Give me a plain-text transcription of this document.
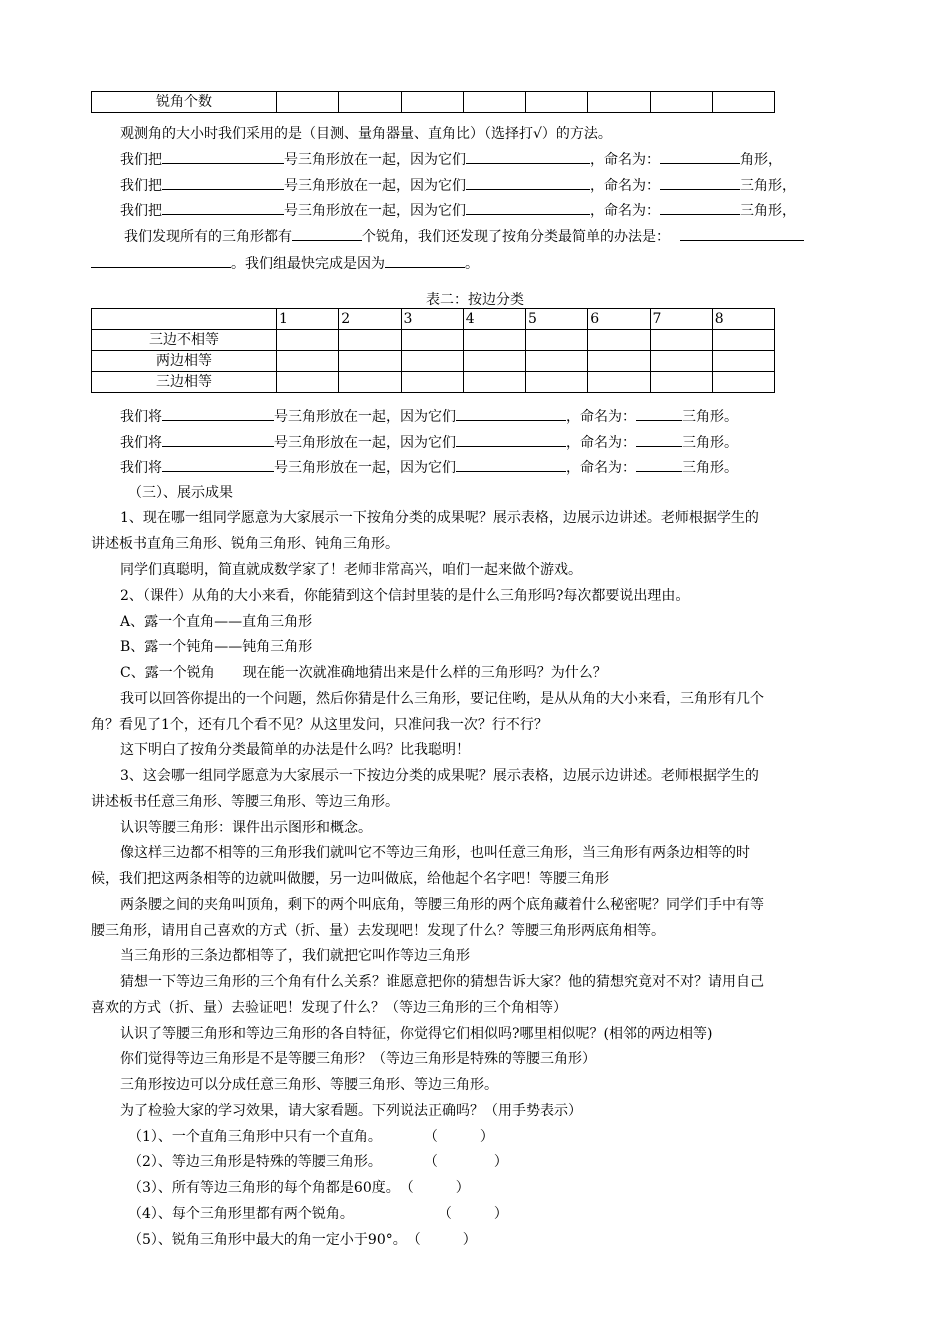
锐角个数								
观测角的大小时我们采用的是（目测、量角器量、直角比）（选择打√）的方法。
我们把	号三角形放在一起，因为它们	，命名为：	角形，
我们把	号三角形放在一起，因为它们	，命名为：	三角形，
我们把	号三角形放在一起，因为它们	，命名为：	三角形，
我们发现所有的三角形都有	个锐角，我们还发现了按角分类最简单的办法是：
。我们组最快完成是因为	。
表二：按边分类
	1	2	3	4	5	6	7	8
三边不相等								
两边相等								
三边相等								
我们将	号三角形放在一起，因为它们	，命名为：	三角形。
我们将	号三角形放在一起，因为它们	，命名为：	三角形。
我们将	号三角形放在一起，因为它们	，命名为：	三角形。
（三）、展示成果
1、现在哪一组同学愿意为大家展示一下按角分类的成果呢？展示表格，边展示边讲述。老师根据学生的
讲述板书直角三角形、锐角三角形、钝角三角形。
同学们真聪明，简直就成数学家了！老师非常高兴，咱们一起来做个游戏。
2、（课件）从角的大小来看，你能猜到这个信封里装的是什么三角形吗?每次都要说出理由。
A、露一个直角——直角三角形
B、露一个钝角——钝角三角形
C、露一个锐角　　现在能一次就准确地猜出来是什么样的三角形吗？为什么？
我可以回答你提出的一个问题，然后你猜是什么三角形，要记住哟，是从从角的大小来看，三角形有几个
角？看见了1个，还有几个看不见？从这里发问，只准问我一次？行不行？
这下明白了按角分类最简单的办法是什么吗？比我聪明！
3、这会哪一组同学愿意为大家展示一下按边分类的成果呢？展示表格，边展示边讲述。老师根据学生的
讲述板书任意三角形、等腰三角形、等边三角形。
认识等腰三角形：课件出示图形和概念。
像这样三边都不相等的三角形我们就叫它不等边三角形，也叫任意三角形，当三角形有两条边相等的时
候，我们把这两条相等的边就叫做腰，另一边叫做底，给他起个名字吧！等腰三角形
两条腰之间的夹角叫顶角，剩下的两个叫底角，等腰三角形的两个底角藏着什么秘密呢？同学们手中有等
腰三角形，请用自己喜欢的方式（折、量）去发现吧！发现了什么？等腰三角形两底角相等。
当三角形的三条边都相等了，我们就把它叫作等边三角形
猜想一下等边三角形的三个角有什么关系？谁愿意把你的猜想告诉大家？他的猜想究竟对不对？请用自己
喜欢的方式（折、量）去验证吧！发现了什么？（等边三角形的三个角相等）
认识了等腰三角形和等边三角形的各自特征，你觉得它们相似吗?哪里相似呢？(相邻的两边相等)
你们觉得等边三角形是不是等腰三角形？（等边三角形是特殊的等腰三角形）
三角形按边可以分成任意三角形、等腰三角形、等边三角形。
为了检验大家的学习效果，请大家看题。下列说法正确吗？（用手势表示）
（1）、一个直角三角形中只有一个直角。　　　　（　　　）
（2）、等边三角形是特殊的等腰三角形。　　　　（　　　　）
（3）、所有等边三角形的每个角都是60度。　（　　　）
（4）、每个三角形里都有两个锐角。　　　　　　　（　　　）
（5）、锐角三角形中最大的角一定小于90°。　（　　　）
